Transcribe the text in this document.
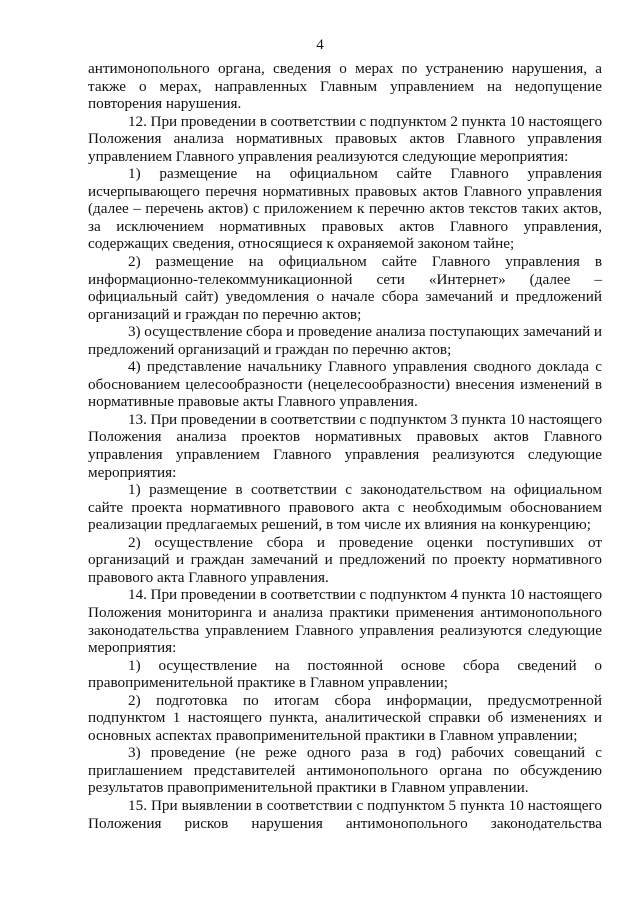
4
антимонопольного органа, сведения о мерах по устранению нарушения, а
также о мерах, направленных Главным управлением на недопущение
повторения нарушения.
12. При проведении в соответствии с подпунктом 2 пункта 10 настоящего
Положения анализа нормативных правовых актов Главного управления
управлением Главного управления реализуются следующие мероприятия:
1) размещение на официальном сайте Главного управления
исчерпывающего перечня нормативных правовых актов Главного управления
(далее – перечень актов) с приложением к перечню актов текстов таких актов,
за исключением нормативных правовых актов Главного управления,
содержащих сведения, относящиеся к охраняемой законом тайне;
2) размещение на официальном сайте Главного управления в
информационно-телекоммуникационной сети «Интернет» (далее –
официальный сайт) уведомления о начале сбора замечаний и предложений
организаций и граждан по перечню актов;
3) осуществление сбора и проведение анализа поступающих замечаний и
предложений организаций и граждан по перечню актов;
4) представление начальнику Главного управления сводного доклада с
обоснованием целесообразности (нецелесообразности) внесения изменений в
нормативные правовые акты Главного управления.
13. При проведении в соответствии с подпунктом 3 пункта 10 настоящего
Положения анализа проектов нормативных правовых актов Главного
управления управлением Главного управления реализуются следующие
мероприятия:
1) размещение в соответствии с законодательством на официальном
сайте проекта нормативного правового акта с необходимым обоснованием
реализации предлагаемых решений, в том числе их влияния на конкуренцию;
2) осуществление сбора и проведение оценки поступивших от
организаций и граждан замечаний и предложений по проекту нормативного
правового акта Главного управления.
14. При проведении в соответствии с подпунктом 4 пункта 10 настоящего
Положения мониторинга и анализа практики применения антимонопольного
законодательства управлением Главного управления реализуются следующие
мероприятия:
1) осуществление на постоянной основе сбора сведений о
правоприменительной практике в Главном управлении;
2) подготовка по итогам сбора информации, предусмотренной
подпунктом 1 настоящего пункта, аналитической справки об изменениях и
основных аспектах правоприменительной практики в Главном управлении;
3) проведение (не реже одного раза в год) рабочих совещаний с
приглашением представителей антимонопольного органа по обсуждению
результатов правоприменительной практики в Главном управлении.
15. При выявлении в соответствии с подпунктом 5 пункта 10 настоящего
Положения рисков нарушения антимонопольного законодательства
